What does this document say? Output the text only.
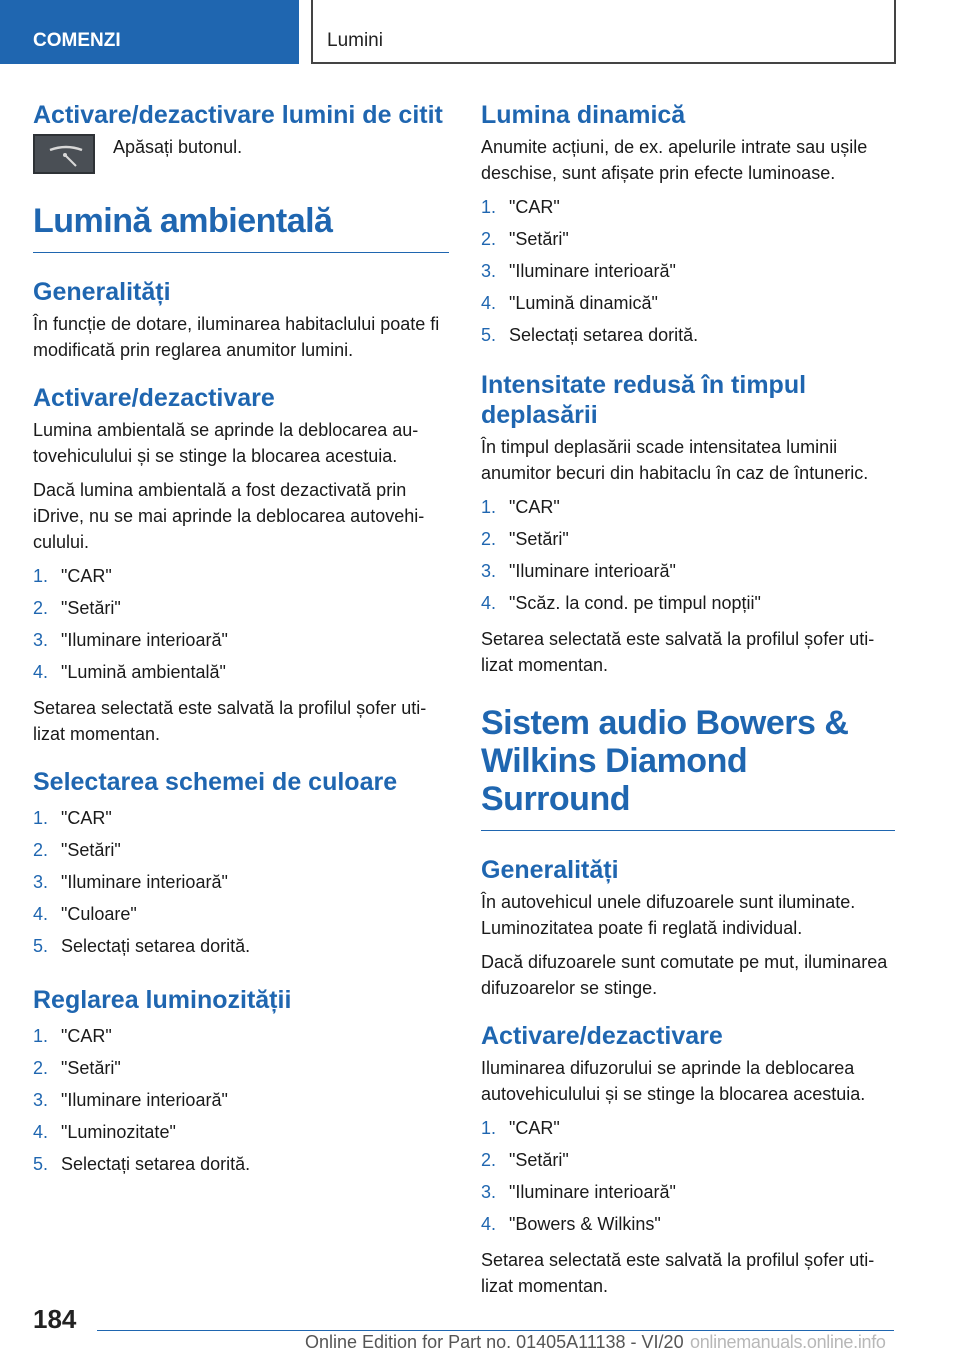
COMENZI	Lumini
Activare/dezactivare lumini de citit

Apăsați butonul.

Lumină ambientală
Generalități

În funcție de dotare, iluminarea habitaclului poate fi modificată prin reglarea anumitor lumini.

Activare/dezactivare

Lumina ambientală se aprinde la deblocarea autovehiculului și se stinge la blocarea acestuia.

Dacă lumina ambientală a fost dezactivată prin iDrive, nu se mai aprinde la deblocarea autovehiculului.

1. "CAR"
2. "Setări"
3. "Iluminare interioară"
4. "Lumină ambientală"

Setarea selectată este salvată la profilul șofer utilizat momentan.

Selectarea schemei de culoare
1. "CAR"
2. "Setări"
3. "Iluminare interioară"
4. "Culoare"
5. Selectați setarea dorită.
Reglarea luminozității
1. "CAR"
2. "Setări"
3. "Iluminare interioară"
4. "Luminozitate"
5. Selectați setarea dorită.
Lumina dinamică

Anumite acțiuni, de ex. apelurile intrate sau ușile deschise, sunt afișate prin efecte luminoase.

1. "CAR"
2. "Setări"
3. "Iluminare interioară"
4. "Lumină dinamică"
5. Selectați setarea dorită.
Intensitate redusă în timpul deplasării

În timpul deplasării scade intensitatea luminii anumitor becuri din habitaclu în caz de întuneric.

1. "CAR"
2. "Setări"
3. "Iluminare interioară"
4. "Scăz. la cond. pe timpul nopții"

Setarea selectată este salvată la profilul șofer utilizat momentan.

Sistem audio Bowers & Wilkins Diamond Surround
Generalități

În autovehicul unele difuzoarele sunt iluminate. Luminozitatea poate fi reglată individual.

Dacă difuzoarele sunt comutate pe mut, iluminarea difuzoarelor se stinge.

Activare/dezactivare

Iluminarea difuzorului se aprinde la deblocarea autovehiculului și se stinge la blocarea acestuia.

1. "CAR"
2. "Setări"
3. "Iluminare interioară"
4. "Bowers & Wilkins"

Setarea selectată este salvată la profilul șofer utilizat momentan.

184
Online Edition for Part no. 01405A11138 - VI/20 onlinemanuals.online.info
